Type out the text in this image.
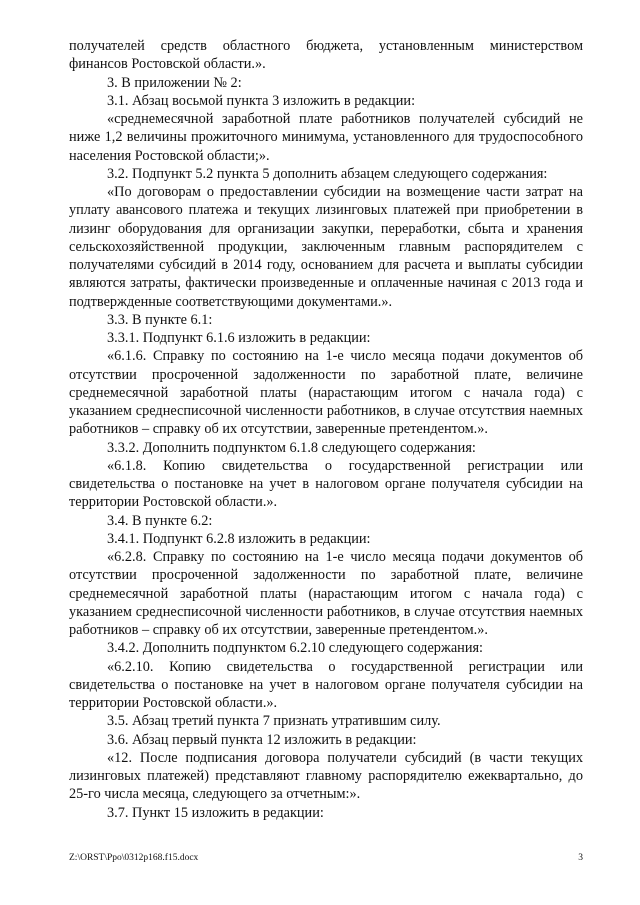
получателей средств областного бюджета, установленным министерством финансов Ростовской области.».

3. В приложении № 2:

3.1. Абзац восьмой пункта 3 изложить в редакции:

«среднемесячной заработной плате работников получателей субсидий не ниже 1,2 величины прожиточного минимума, установленного для трудоспособного населения Ростовской области;».

3.2. Подпункт 5.2 пункта 5 дополнить абзацем следующего содержания:

«По договорам о предоставлении субсидии на возмещение части затрат на уплату авансового платежа и текущих лизинговых платежей при приобретении в лизинг оборудования для организации закупки, переработки, сбыта и хранения сельскохозяйственной продукции, заключенным главным распорядителем с получателями субсидий в 2014 году, основанием для расчета и выплаты субсидии являются затраты, фактически произведенные и оплаченные начиная с 2013 года и подтвержденные соответствующими документами.».

3.3. В пункте 6.1:

3.3.1. Подпункт 6.1.6 изложить в редакции:

«6.1.6. Справку по состоянию на 1-е число месяца подачи документов об отсутствии просроченной задолженности по заработной плате, величине среднемесячной заработной платы (нарастающим итогом с начала года) с указанием среднесписочной численности работников, в случае отсутствия наемных работников – справку об их отсутствии, заверенные претендентом.».

3.3.2. Дополнить подпунктом 6.1.8 следующего содержания:

«6.1.8. Копию свидетельства о государственной регистрации или свидетельства о постановке на учет в налоговом органе получателя субсидии на территории Ростовской области.».

3.4. В пункте 6.2:

3.4.1. Подпункт 6.2.8 изложить в редакции:

«6.2.8. Справку по состоянию на 1-е число месяца подачи документов об отсутствии просроченной задолженности по заработной плате, величине среднемесячной заработной платы (нарастающим итогом с начала года) с указанием среднесписочной численности работников, в случае отсутствия наемных работников – справку об их отсутствии, заверенные претендентом.».

3.4.2. Дополнить подпунктом 6.2.10 следующего содержания:

«6.2.10. Копию свидетельства о государственной регистрации или свидетельства о постановке на учет в налоговом органе получателя субсидии на территории Ростовской области.».

3.5. Абзац третий пункта 7 признать утратившим силу.

3.6. Абзац первый пункта 12 изложить в редакции:

«12. После подписания договора получатели субсидий (в части текущих лизинговых платежей) представляют главному распорядителю ежеквартально, до 25-го числа месяца, следующего за отчетным:».

3.7. Пункт 15 изложить в редакции:

Z:\ORST\Ppo\0312p168.f15.docx	3
